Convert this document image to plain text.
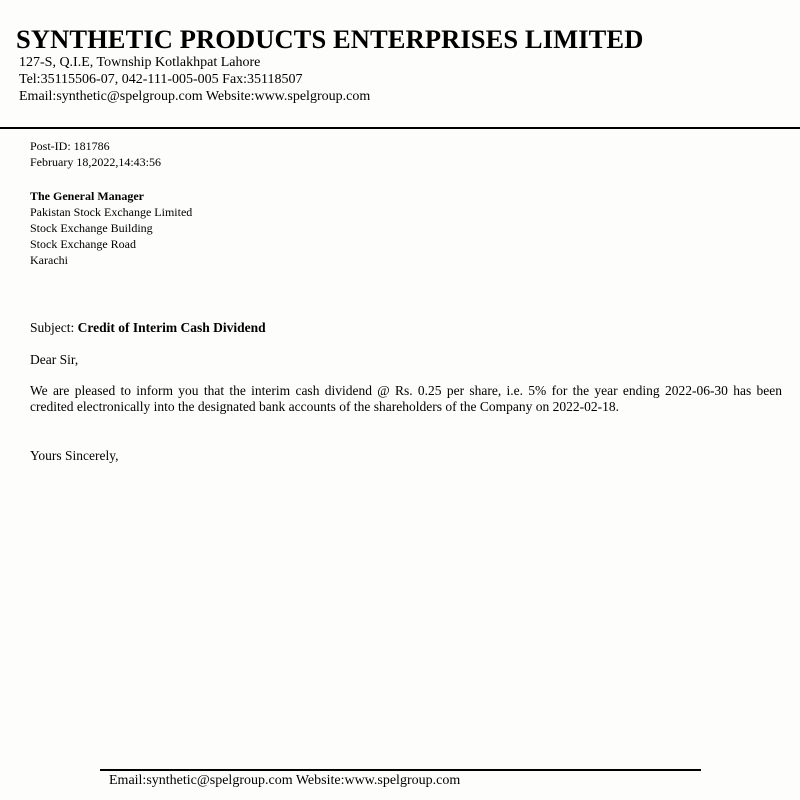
SYNTHETIC PRODUCTS ENTERPRISES LIMITED
127-S, Q.I.E, Township Kotlakhpat Lahore
Tel:35115506-07, 042-111-005-005 Fax:35118507
Email:synthetic@spelgroup.com Website:www.spelgroup.com
Post-ID: 181786
February 18,2022,14:43:56
The General Manager
Pakistan Stock Exchange Limited
Stock Exchange Building
Stock Exchange Road
Karachi
Subject: Credit of Interim Cash Dividend
Dear Sir,
We are pleased to inform you that the interim cash dividend @ Rs. 0.25 per share, i.e. 5% for the year ending 2022-06-30 has been credited electronically into the designated bank accounts of the shareholders of the Company on 2022-02-18.
Yours Sincerely,
Email:synthetic@spelgroup.com Website:www.spelgroup.com
